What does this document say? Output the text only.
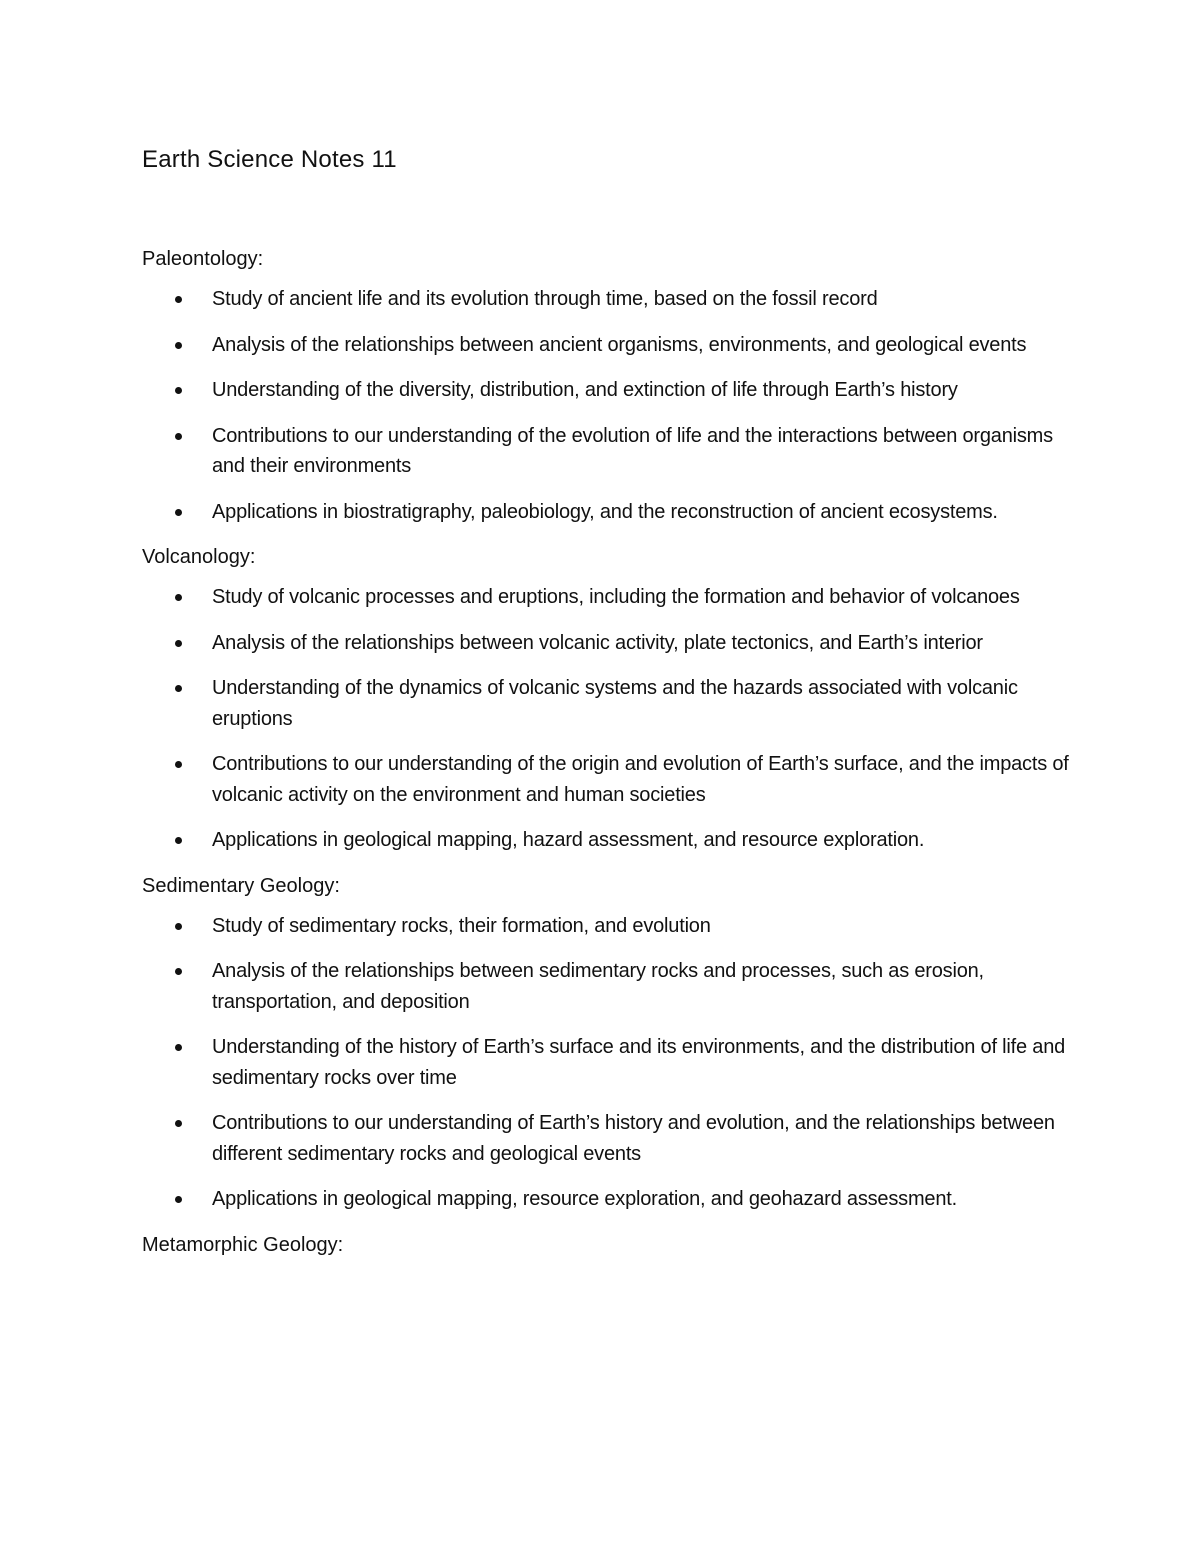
Earth Science Notes 11
Paleontology:
Study of ancient life and its evolution through time, based on the fossil record
Analysis of the relationships between ancient organisms, environments, and geological events
Understanding of the diversity, distribution, and extinction of life through Earth’s history
Contributions to our understanding of the evolution of life and the interactions between organisms and their environments
Applications in biostratigraphy, paleobiology, and the reconstruction of ancient ecosystems.
Volcanology:
Study of volcanic processes and eruptions, including the formation and behavior of volcanoes
Analysis of the relationships between volcanic activity, plate tectonics, and Earth’s interior
Understanding of the dynamics of volcanic systems and the hazards associated with volcanic eruptions
Contributions to our understanding of the origin and evolution of Earth’s surface, and the impacts of volcanic activity on the environment and human societies
Applications in geological mapping, hazard assessment, and resource exploration.
Sedimentary Geology:
Study of sedimentary rocks, their formation, and evolution
Analysis of the relationships between sedimentary rocks and processes, such as erosion, transportation, and deposition
Understanding of the history of Earth’s surface and its environments, and the distribution of life and sedimentary rocks over time
Contributions to our understanding of Earth’s history and evolution, and the relationships between different sedimentary rocks and geological events
Applications in geological mapping, resource exploration, and geohazard assessment.
Metamorphic Geology:
